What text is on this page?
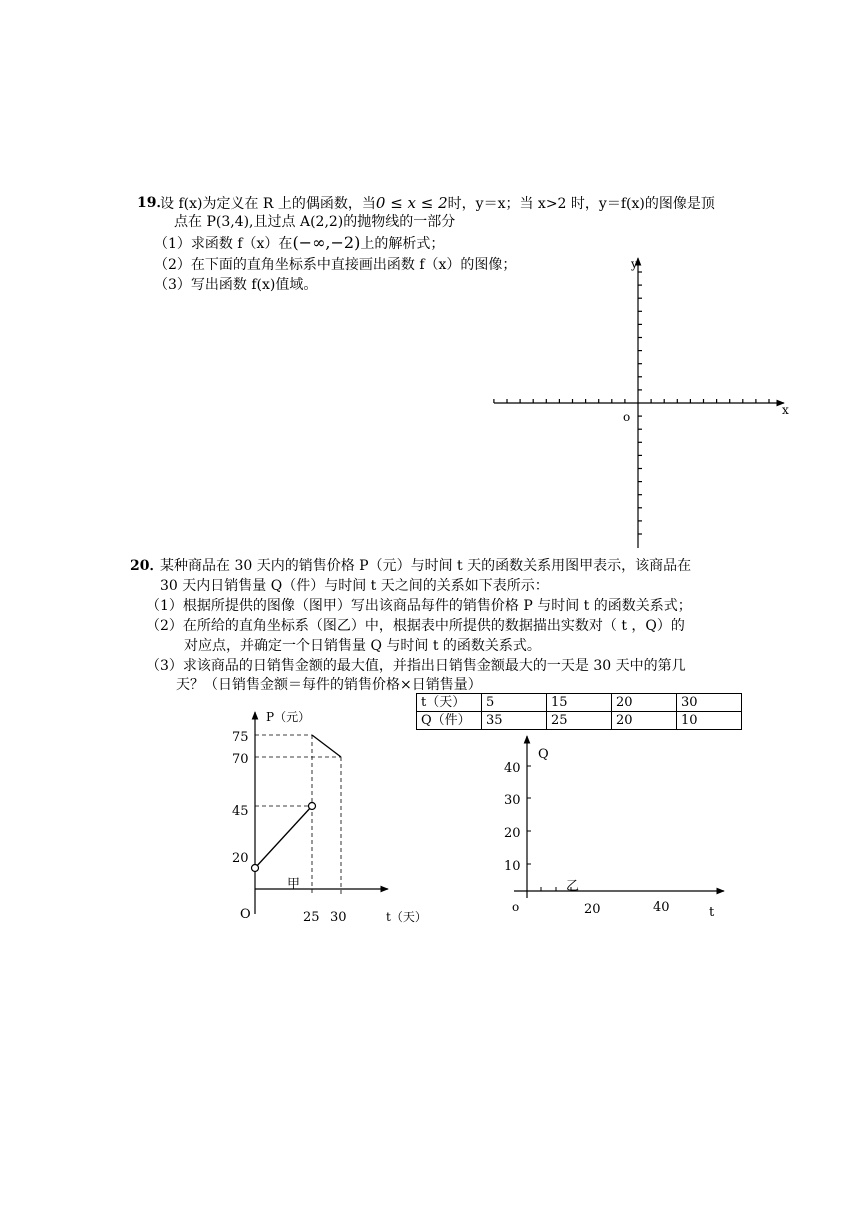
19．
设 f(x)为定义在 R 上的偶函数，当0 ≤ x ≤ 2时，y＝x；当 x>2 时，y＝f(x)的图像是顶
点在 P(3,4),且过点 A(2,2)的抛物线的一部分
（1）求函数 f（x）在(−∞,−2)上的解析式；
（2）在下面的直角坐标系中直接画出函数 f（x）的图像；
（3）写出函数 f(x)值域。
20．
某种商品在 30 天内的销售价格 P（元）与时间 t 天的函数关系用图甲表示，该商品在
30 天内日销售量 Q（件）与时间 t 天之间的关系如下表所示：
（1）根据所提供的图像（图甲）写出该商品每件的销售价格 P 与时间 t 的函数关系式；
（2）在所给的直角坐标系（图乙）中，根据表中所提供的数据描出实数对（ t ，Q）的
对应点，并确定一个日销售量 Q 与时间 t 的函数关系式。
（3）求该商品的日销售金额的最大值，并指出日销售金额最大的一天是 30 天中的第几
天？（日销售金额＝每件的销售价格×日销售量）
t（天）	5	15	20	30
Q（件）	35	25	20	10
y
x
o
P（元）
75
70
45
20
甲
O	25 30	t（天）
Q
40
30
20
10
乙
o	20	40	t
